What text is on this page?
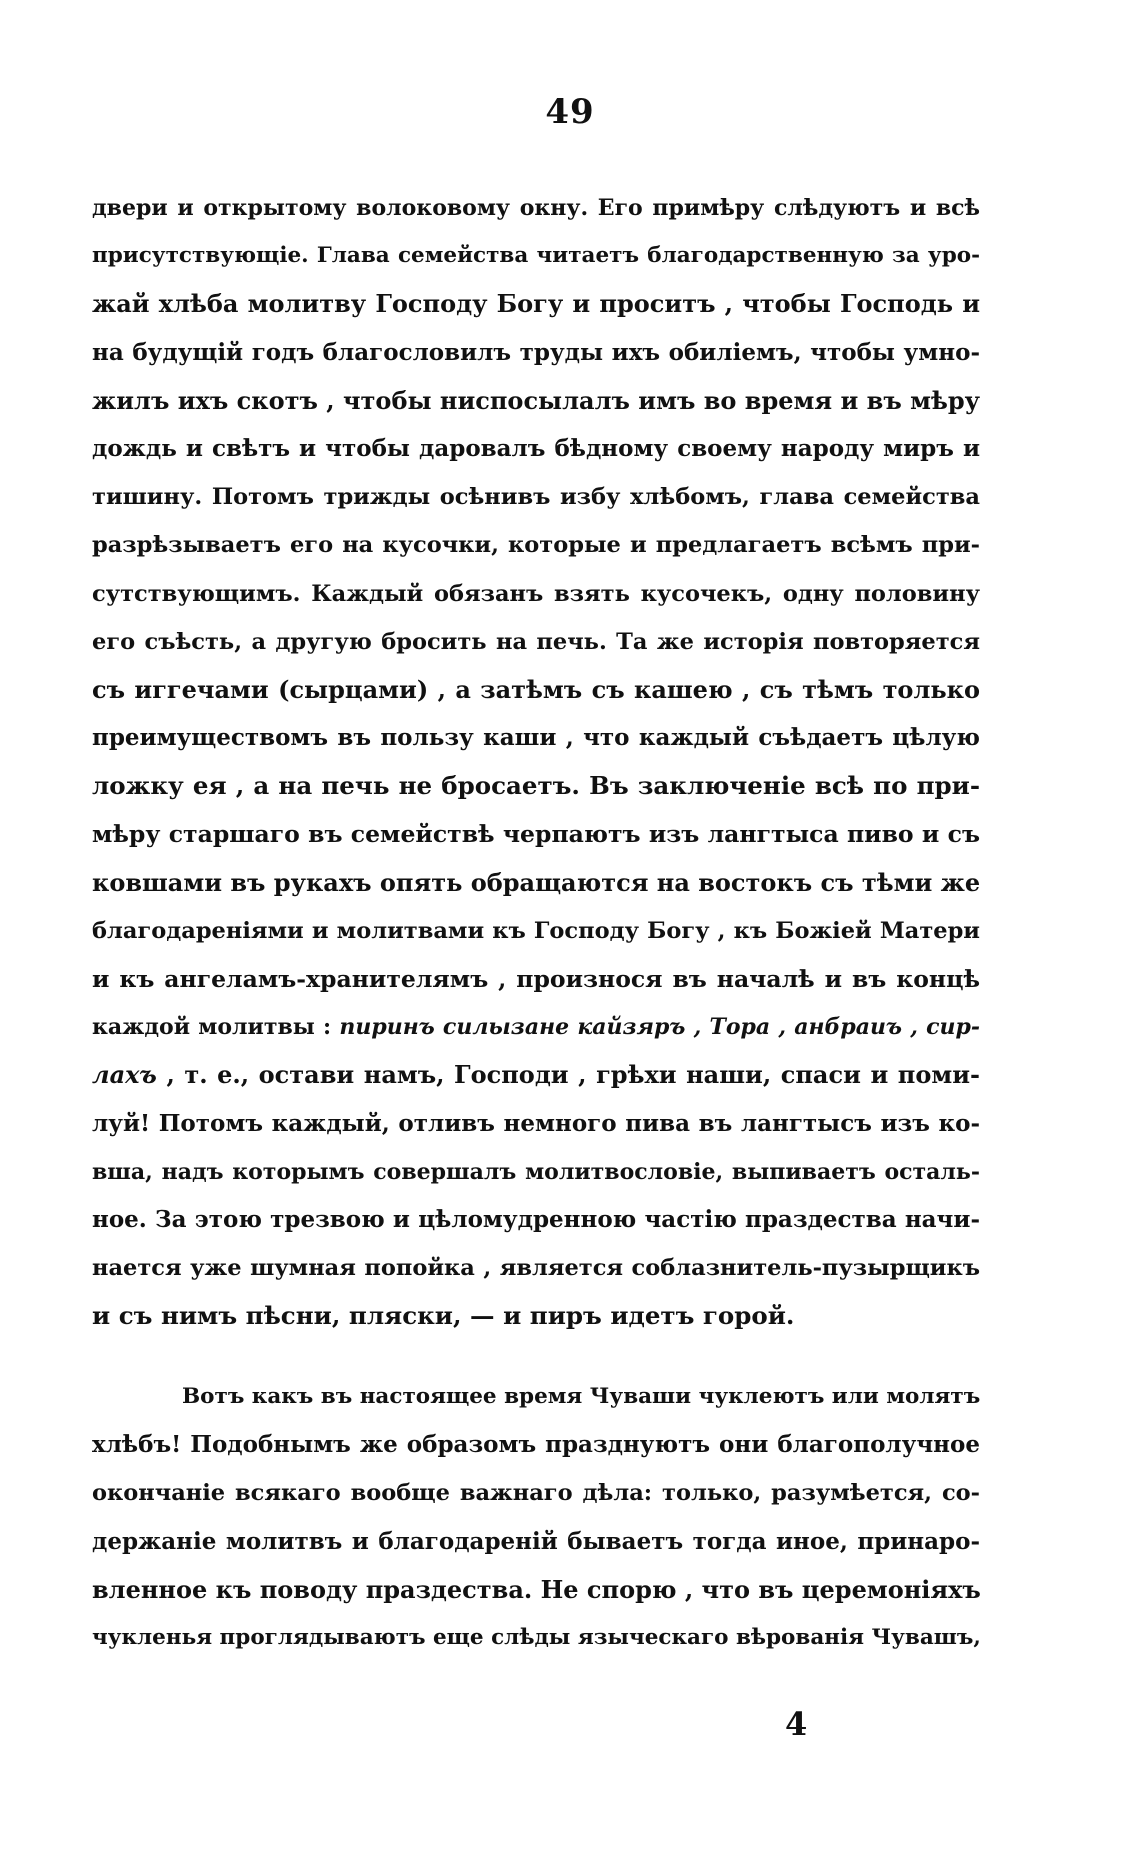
49
двери и открытому волоковому окну. Его примѣру слѣдуютъ и всѣ
присутствующіе. Глава семейства читаетъ благодарственную за уро-
жай хлѣба молитву Господу Богу и проситъ , чтобы Господь и
на будущій годъ благословилъ труды ихъ обиліемъ, чтобы умно-
жилъ ихъ скотъ , чтобы ниспосылалъ имъ во время и въ мѣру
дождь и свѣтъ и чтобы даровалъ бѣдному своему народу миръ и
тишину. Потомъ трижды осѣнивъ избу хлѣбомъ, глава семейства
разрѣзываетъ его на кусочки, которые и предлагаетъ всѣмъ при-
сутствующимъ. Каждый обязанъ взять кусочекъ, одну половину
его съѣсть, а другую бросить на печь. Та же исторія повторяется
съ иггечами (сырцами) , а затѣмъ съ кашею , съ тѣмъ только
преимуществомъ въ пользу каши , что каждый съѣдаетъ цѣлую
ложку ея , а на печь не бросаетъ. Въ заключеніе всѣ по при-
мѣру старшаго въ семействѣ черпаютъ изъ лангтыса пиво и съ
ковшами въ рукахъ опять обращаются на востокъ съ тѣми же
благодареніями и молитвами къ Господу Богу , къ Божіей Матери
и къ ангеламъ-хранителямъ , произнося въ началѣ и въ концѣ
каждой молитвы : пиринъ силызане кайзяръ , Тора , анбраиъ , сир-
лахъ , т. е., остави намъ, Господи , грѣхи наши, спаси и поми-
луй! Потомъ каждый, отливъ немного пива въ лангтысъ изъ ко-
вша, надъ которымъ совершалъ молитвословіе, выпиваетъ осталь-
ное. За этою трезвою и цѣломудренною частію праздества начи-
нается уже шумная попойка , является соблазнитель-пузырщикъ
и съ нимъ пѣсни, пляски, — и пиръ идетъ горой.
Вотъ какъ въ настоящее время Чуваши чуклеютъ или молятъ
хлѣбъ! Подобнымъ же образомъ празднуютъ они благополучное
окончаніе всякаго вообще важнаго дѣла: только, разумѣется, со-
держаніе молитвъ и благодареній бываетъ тогда иное, принаро-
вленное къ поводу праздества. Не спорю , что въ церемоніяхъ
чукленья проглядываютъ еще слѣды языческаго вѣрованія Чувашъ,
4
